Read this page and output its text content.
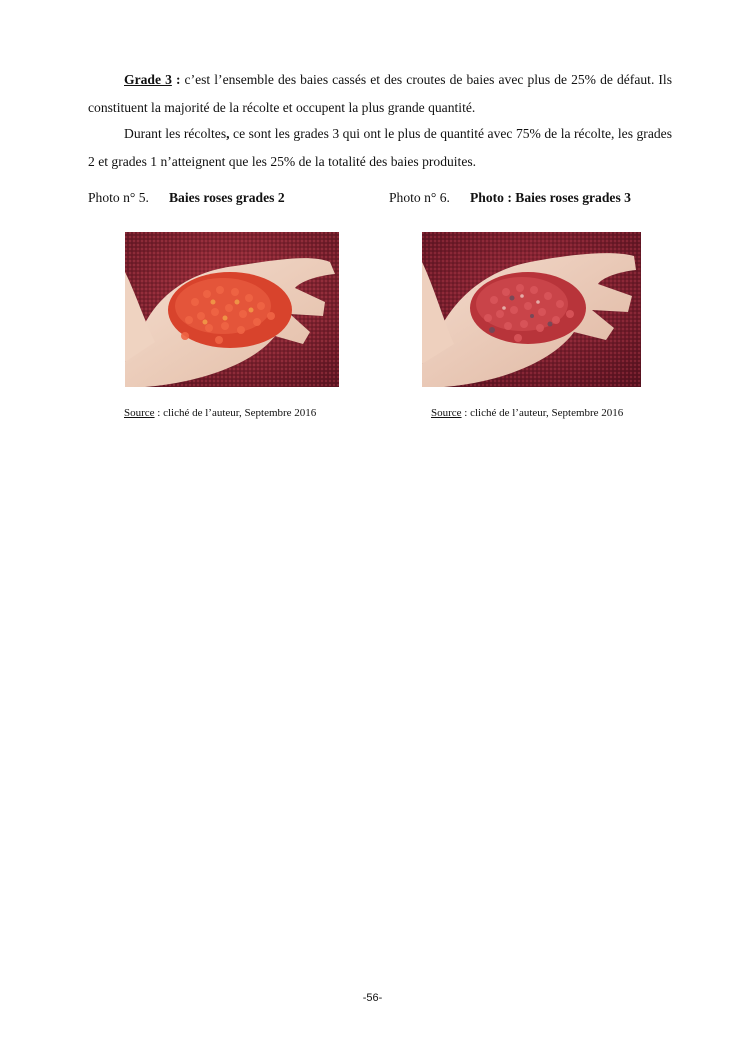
Grade 3 : c’est l’ensemble des baies cassés et des croutes de baies avec plus de 25% de défaut. Ils constituent la majorité de la récolte et occupent la plus grande quantité.

Durant les récoltes, ce sont les grades 3 qui ont le plus de quantité avec 75% de la récolte, les grades 2 et grades 1 n’atteignent que les 25% de la totalité des baies produites.

Photo n° 5. Baies roses grades 2	Photo n° 6. Photo : Baies roses grades 3
Source : cliché de l’auteur, Septembre 2016	Source : cliché de l’auteur, Septembre 2016
-56-
